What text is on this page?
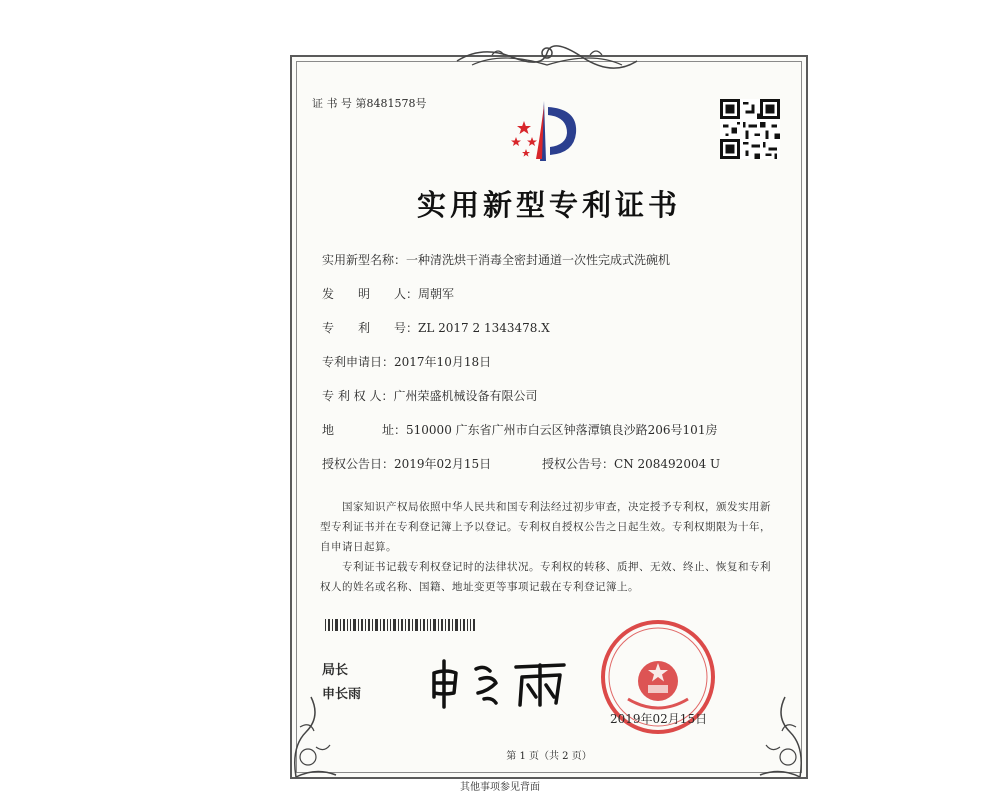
证 书 号 第8481578号
实用新型专利证书
实用新型名称：一种清洗烘干消毒全密封通道一次性完成式洗碗机
发　　明　　人：周朝军
专　　利　　号：ZL 2017 2 1343478.X
专利申请日：2017年10月18日
专 利 权 人：广州荣盛机械设备有限公司
地　　　　址：510000 广东省广州市白云区钟落潭镇良沙路206号101房
授权公告日：2019年02月15日	授权公告号：CN 208492004 U
国家知识产权局依照中华人民共和国专利法经过初步审查，决定授予专利权，颁发实用新型专利证书并在专利登记簿上予以登记。专利权自授权公告之日起生效。专利权期限为十年，自申请日起算。
专利证书记载专利权登记时的法律状况。专利权的转移、质押、无效、终止、恢复和专利权人的姓名或名称、国籍、地址变更等事项记载在专利登记簿上。
局长
申长雨
2019年02月15日
第 1 页（共 2 页）
其他事项参见背面
